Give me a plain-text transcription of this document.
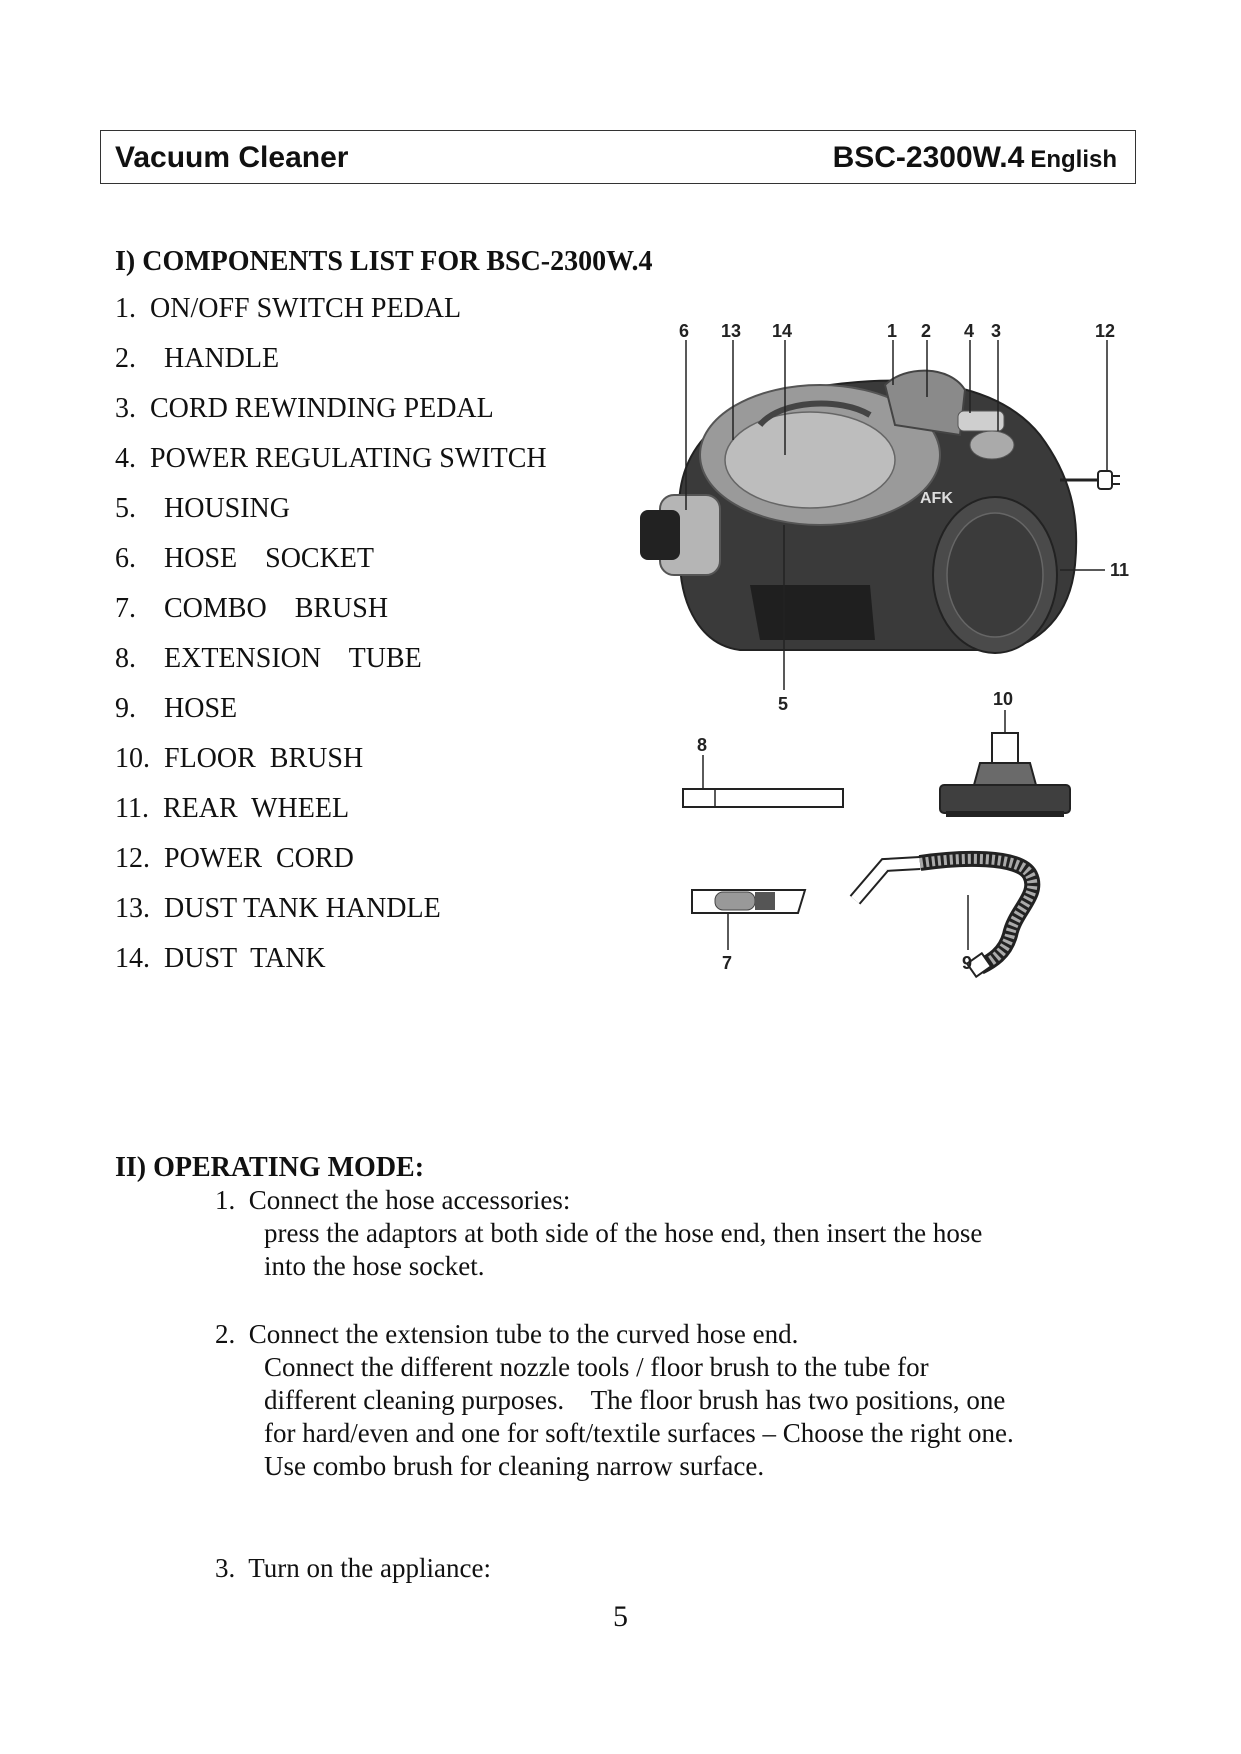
Vacuum Cleaner	BSC-2300W.4 English
I) COMPONENTS LIST FOR BSC-2300W.4
1.  ON/OFF SWITCH PEDAL
2.    HANDLE
3.  CORD REWINDING PEDAL
4.  POWER REGULATING SWITCH
5.    HOUSING
6.    HOSE    SOCKET
7.    COMBO    BRUSH
8.    EXTENSION    TUBE
9.    HOSE
10.  FLOOR  BRUSH
11.  REAR  WHEEL
12.  POWER  CORD
13.  DUST TANK HANDLE
14.  DUST  TANK
AFK
6 13 14	1 2 4 3	12
11
5	10
8
7	9
II) OPERATING MODE:
1.  Connect the hose accessories:
press the adaptors at both side of the hose end, then insert the hose
into the hose socket.
2.  Connect the extension tube to the curved hose end.
Connect the different nozzle tools / floor brush to the tube for
different cleaning purposes.    The floor brush has two positions, one
for hard/even and one for soft/textile surfaces – Choose the right one.
Use combo brush for cleaning narrow surface.
3.  Turn on the appliance:
5
